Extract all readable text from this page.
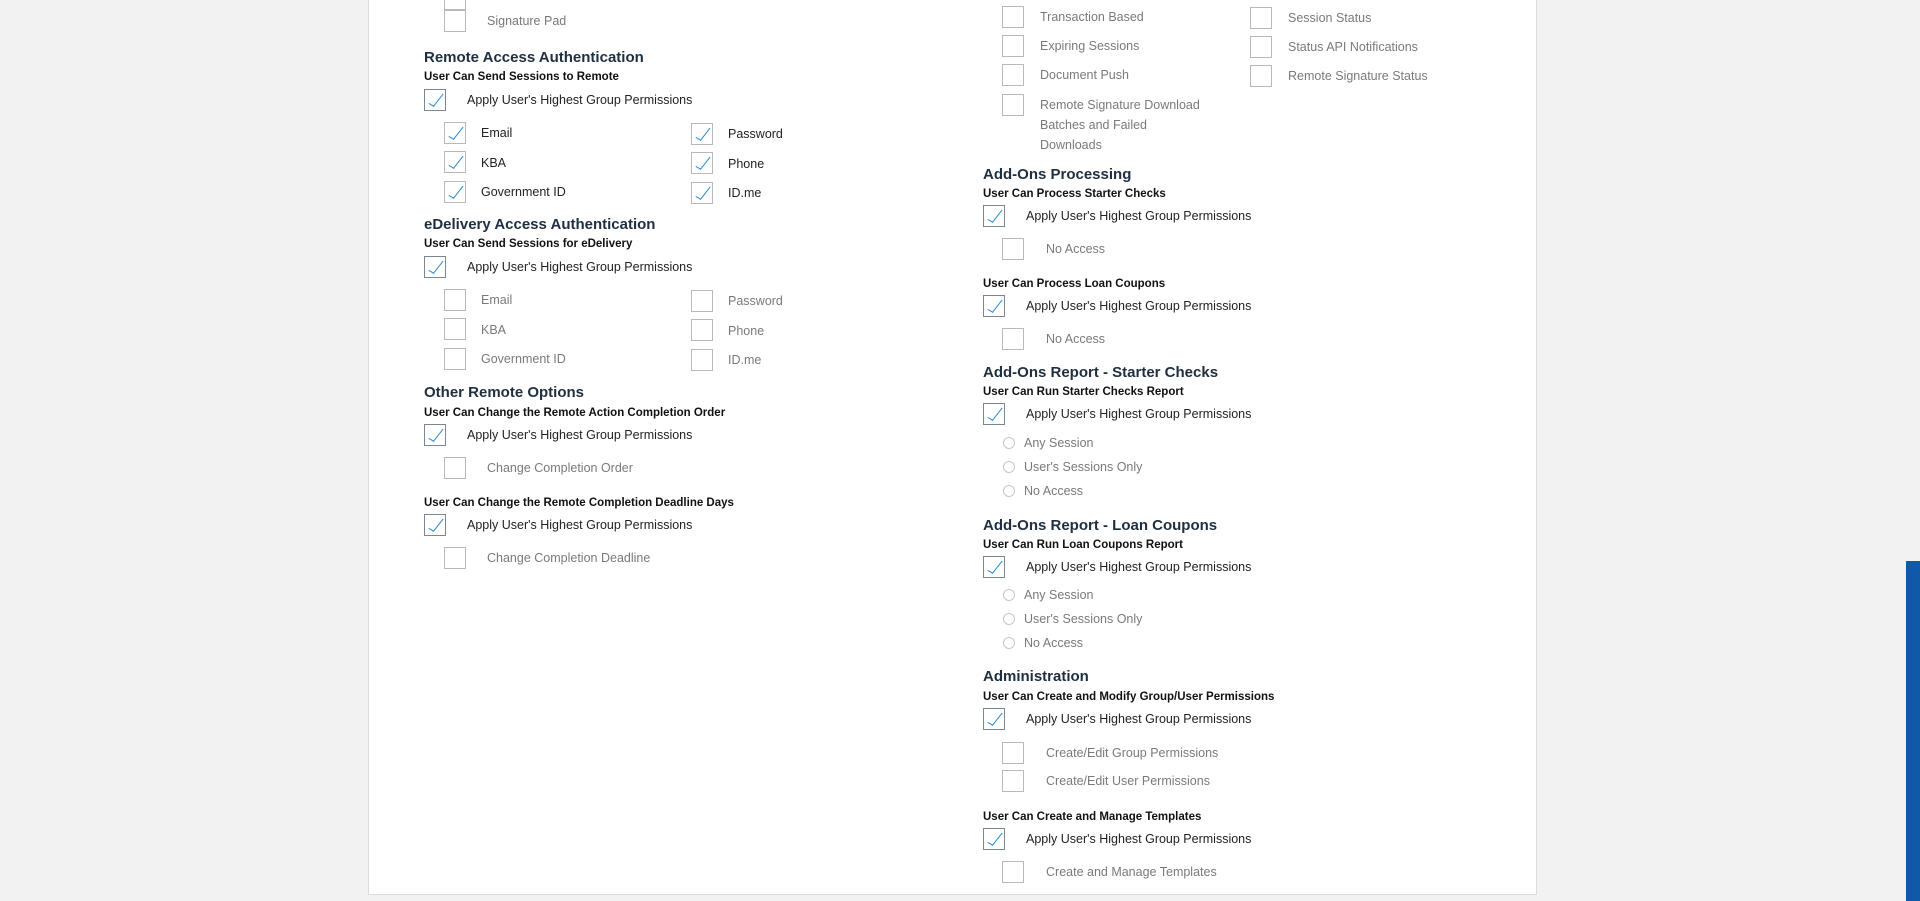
Signature Pad
Remote Access Authentication
User Can Send Sessions to Remote
Apply User's Highest Group Permissions
Email	Password
KBA	Phone
Government ID	ID.me
eDelivery Access Authentication
User Can Send Sessions for eDelivery
Apply User's Highest Group Permissions
Email	Password
KBA	Phone
Government ID	ID.me
Other Remote Options
User Can Change the Remote Action Completion Order
Apply User's Highest Group Permissions
Change Completion Order
User Can Change the Remote Completion Deadline Days
Apply User's Highest Group Permissions
Change Completion Deadline
Transaction Based
Expiring Sessions
Document Push
Remote Signature Download Batches and Failed Downloads
Session Status
Status API Notifications
Remote Signature Status
Add-Ons Processing
User Can Process Starter Checks
Apply User's Highest Group Permissions
No Access
User Can Process Loan Coupons
Apply User's Highest Group Permissions
No Access
Add-Ons Report - Starter Checks
User Can Run Starter Checks Report
Apply User's Highest Group Permissions
Any Session
User's Sessions Only
No Access
Add-Ons Report - Loan Coupons
User Can Run Loan Coupons Report
Apply User's Highest Group Permissions
Any Session
User's Sessions Only
No Access
Administration
User Can Create and Modify Group/User Permissions
Apply User's Highest Group Permissions
Create/Edit Group Permissions
Create/Edit User Permissions
User Can Create and Manage Templates
Apply User's Highest Group Permissions
Create and Manage Templates
